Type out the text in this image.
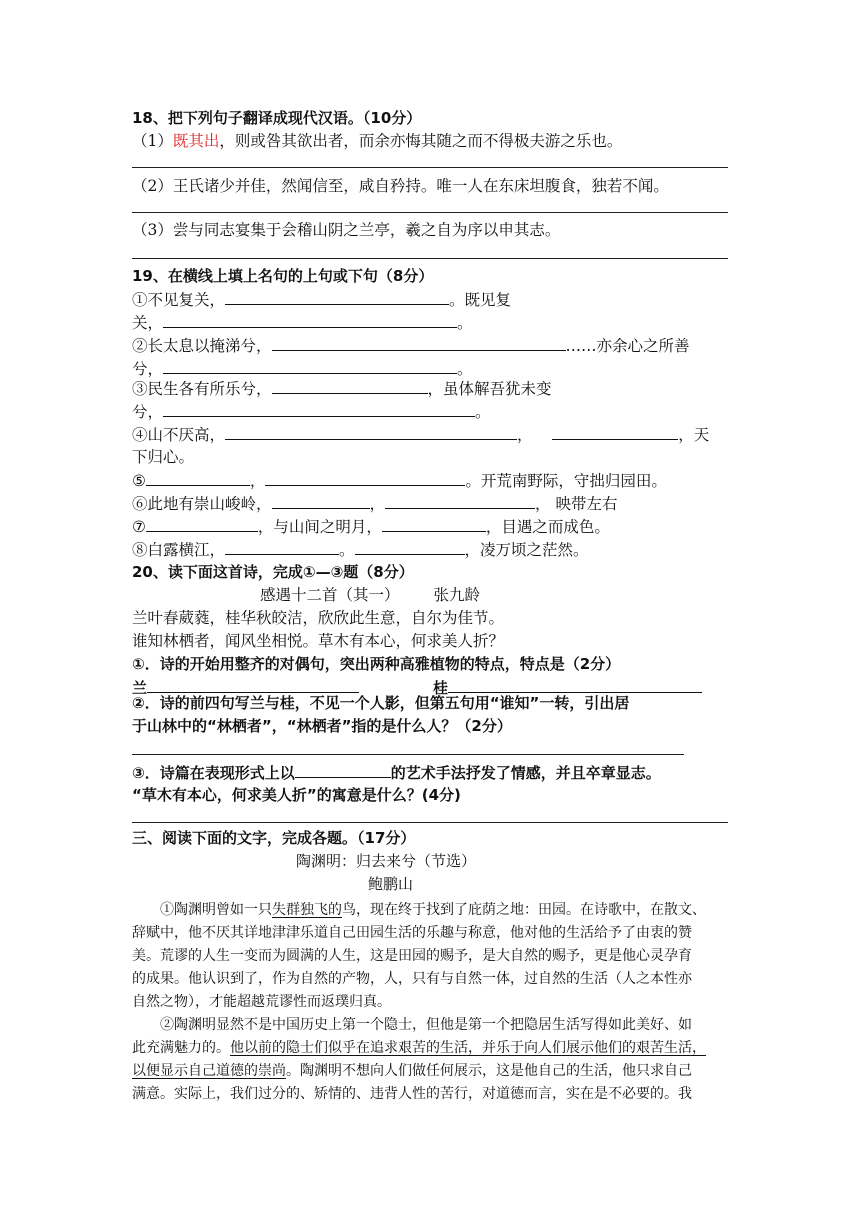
18、把下列句子翻译成现代汉语。（10分）
（1）既其出，则或咎其欲出者，而余亦悔其随之而不得极夫游之乐也。
（2）王氏诸少并佳，然闻信至，咸自矜持。唯一人在东床坦腹食，独若不闻。
（3）尝与同志宴集于会稽山阴之兰亭，羲之自为序以申其志。
19、在横线上填上名句的上句或下句（8分）
①不见复关，	。既见复
关，	。
②长太息以掩涕兮，	……亦余心之所善
兮，	。
③民生各有所乐兮，	，虽体解吾犹未变
兮，	。
④山不厌高，	，	，天
下归心。
⑤	，	。开荒南野际，守拙归园田。
⑥此地有崇山峻岭，	，	， 映带左右
⑦	，与山间之明月，	，目遇之而成色。
⑧白露横江，	。	，凌万顷之茫然。
20、读下面这首诗，完成①—③题（8分）
感遇十二首（其一） 张九龄
兰叶春葳蕤，桂华秋皎洁，欣欣此生意，自尔为佳节。
谁知林栖者，闻风坐相悦。草木有本心，何求美人折？
①．诗的开始用整齐的对偶句，突出两种高雅植物的特点，特点是（2分）
兰	桂
②．诗的前四句写兰与桂，不见一个人影，但第五句用“谁知”一转，引出居
于山林中的“林栖者”，“林栖者”指的是什么人？（2分）
③．诗篇在表现形式上以	的艺术手法抒发了情感，并且卒章显志。
“草木有本心，何求美人折”的寓意是什么？(4分)
三、阅读下面的文字，完成各题。（17分）
陶渊明：归去来兮（节选）
鲍鹏山
①陶渊明曾如一只失群独飞的鸟，现在终于找到了庇荫之地：田园。在诗歌中，在散文、
辞赋中，他不厌其详地津津乐道自己田园生活的乐趣与称意，他对他的生活给予了由衷的赞
美。荒谬的人生一变而为圆满的人生，这是田园的赐予，是大自然的赐予，更是他心灵孕育
的成果。他认识到了，作为自然的产物，人，只有与自然一体，过自然的生活（人之本性亦
自然之物），才能超越荒谬性而返璞归真。
②陶渊明显然不是中国历史上第一个隐士，但他是第一个把隐居生活写得如此美好、如
此充满魅力的。他以前的隐士们似乎在追求艰苦的生活，并乐于向人们展示他们的艰苦生活，
以便显示自己道德的崇尚。陶渊明不想向人们做任何展示，这是他自己的生活，他只求自己
满意。实际上，我们过分的、矫情的、违背人性的苦行，对道德而言，实在是不必要的。我
